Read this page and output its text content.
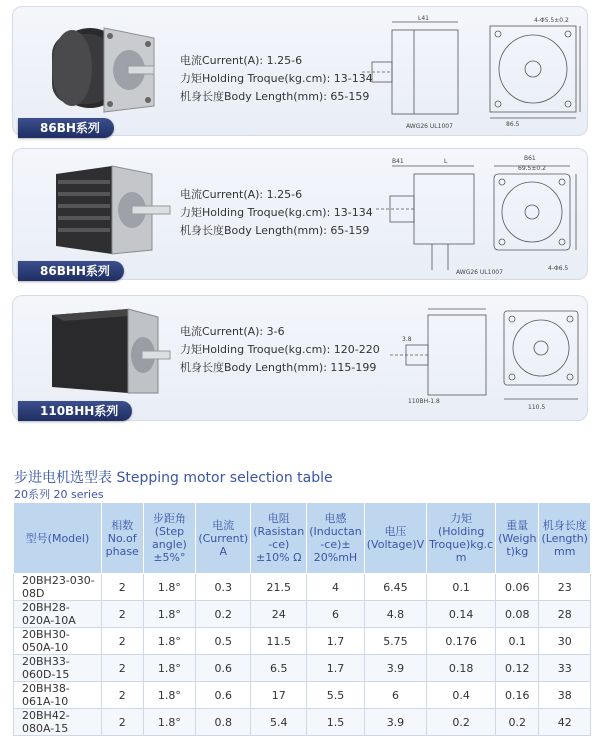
86BH系列
电流Current(A): 1.25-6
力矩Holding Troque(kg.cm): 13-134
机身长度Body Length(mm): 65-159
L41	4-Φ5.5±0.2
86.5
AWG26 UL1007
86BHH系列
电流Current(A): 1.25-6
力矩Holding Troque(kg.cm): 13-134
机身长度Body Length(mm): 65-159
B61
69.5±0.2
L
B41
AWG26 UL1007
4-Φ6.5
110BHH系列
电流Current(A): 3-6
力矩Holding Troque(kg.cm): 120-220
机身长度Body Length(mm): 115-199
3.8
110.5
110BH-1.8
步进电机选型表 Stepping motor selection table
20系列 20 series
型号(Model)	相数 No.of phase	步距角 (Step angle) ±5%°	电流 (Current) A	电阻 (Rasistan -ce)±10% Ω	电感 (Inductan -ce)± 20%mH	电压 (Voltage)V	力矩 (Holding Troque)kg.c m	重量 (Weigh t)kg	机身长度 (Length) mm
20BH23-030-08D	2	1.8°	0.3	21.5	4	6.45	0.1	0.06	23
20BH28-020A-10A	2	1.8°	0.2	24	6	4.8	0.14	0.08	28
20BH30-050A-10	2	1.8°	0.5	11.5	1.7	5.75	0.176	0.1	30
20BH33-060D-15	2	1.8°	0.6	6.5	1.7	3.9	0.18	0.12	33
20BH38-061A-10	2	1.8°	0.6	17	5.5	6	0.4	0.16	38
20BH42-080A-15	2	1.8°	0.8	5.4	1.5	3.9	0.2	0.2	42
